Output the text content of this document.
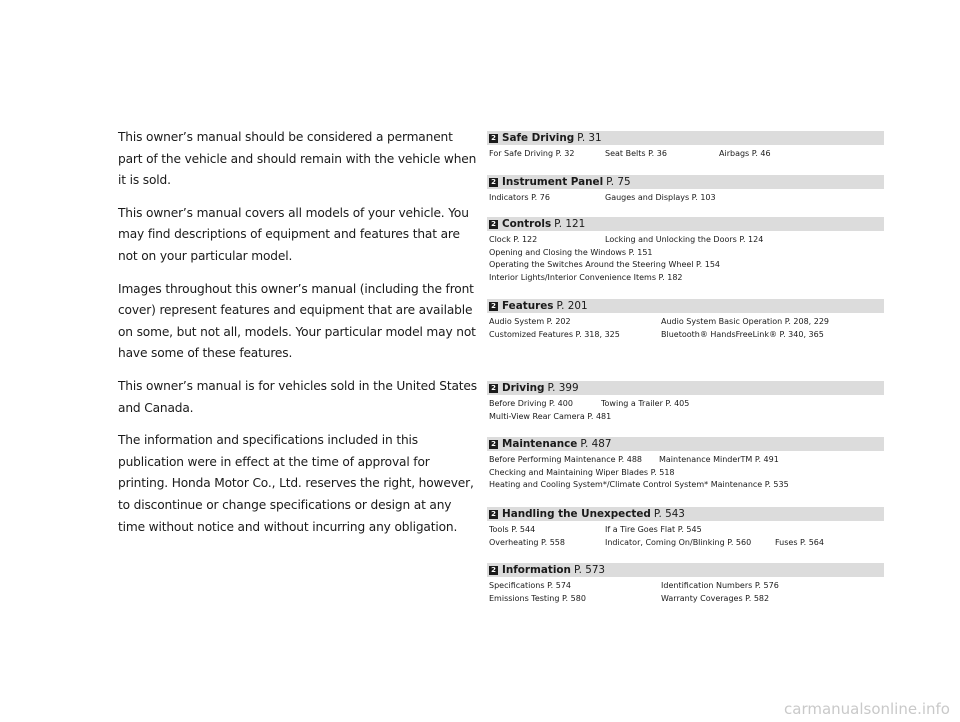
This owner’s manual should be considered a permanent part of the vehicle and should remain with the vehicle when it is sold.

This owner’s manual covers all models of your vehicle. You may find descriptions of equipment and features that are not on your particular model.

Images throughout this owner’s manual (including the front cover) represent features and equipment that are available on some, but not all, models. Your particular model may not have some of these features.

This owner’s manual is for vehicles sold in the United States and Canada.

The information and specifications included in this publication were in effect at the time of approval for printing. Honda Motor Co., Ltd. reserves the right, however, to discontinue or change specifications or design at any time without notice and without incurring any obligation.

2 Safe Driving P. 31
For Safe Driving P. 32	Seat Belts P. 36	Airbags P. 46
2 Instrument Panel P. 75
Indicators P. 76	Gauges and Displays P. 103
2 Controls P. 121
Clock P. 122	Locking and Unlocking the Doors P. 124
Opening and Closing the Windows P. 151
Operating the Switches Around the Steering Wheel P. 154
Interior Lights/Interior Convenience Items P. 182
2 Features P. 201
Audio System P. 202	Audio System Basic Operation P. 208, 229
Customized Features P. 318, 325	Bluetooth® HandsFreeLink® P. 340, 365
2 Driving P. 399
Before Driving P. 400	Towing a Trailer P. 405
Multi-View Rear Camera P. 481
2 Maintenance P. 487
Before Performing Maintenance P. 488 Maintenance MinderTM P. 491
Checking and Maintaining Wiper Blades P. 518
Heating and Cooling System*/Climate Control System* Maintenance P. 535
2 Handling the Unexpected P. 543
Tools P. 544	If a Tire Goes Flat P. 545
Overheating P. 558	Indicator, Coming On/Blinking P. 560	Fuses P. 564
2 Information P. 573
Specifications P. 574	Identification Numbers P. 576
Emissions Testing P. 580	Warranty Coverages P. 582
carmanualsonline.info
